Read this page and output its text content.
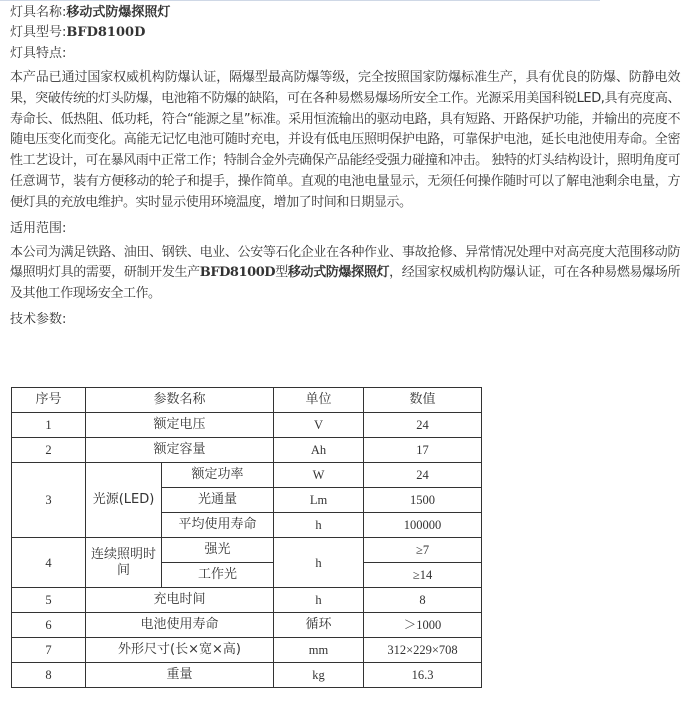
灯具名称:移动式防爆探照灯
灯具型号:BFD8100D
灯具特点:
本产品已通过国家权威机构防爆认证，隔爆型最高防爆等级，完全按照国家防爆标准生产，具有优良的防爆、防静电效果，突破传统的灯头防爆，电池箱不防爆的缺陷，可在各种易燃易爆场所安全工作。光源采用美国科锐LED,具有亮度高、寿命长、低热阻、低功耗，符合“能源之星”标准。采用恒流输出的驱动电路，具有短路、开路保护功能，并输出的亮度不随电压变化而变化。高能无记忆电池可随时充电，并设有低电压照明保护电路，可靠保护电池，延长电池使用寿命。全密性工艺设计，可在暴风雨中正常工作；特制合金外壳确保产品能经受强力碰撞和冲击。 独特的灯头结构设计，照明角度可任意调节，装有方便移动的轮子和提手，操作简单。直观的电池电量显示，无须任何操作随时可以了解电池剩余电量，方便灯具的充放电维护。实时显示使用环境温度，增加了时间和日期显示。
适用范围:
本公司为满足铁路、油田、钢铁、电业、公安等石化企业在各种作业、事故抢修、异常情况处理中对高亮度大范围移动防爆照明灯具的需要，研制开发生产BFD8100D型移动式防爆探照灯，经国家权威机构防爆认证，可在各种易燃易爆场所及其他工作现场安全工作。
技术参数:
序号	参数名称		单位	数值
1	额定电压		V	24
2	额定容量		Ah	17
3	光源(LED)	额定功率	W	24
		光通量	Lm	1500
		平均使用寿命	h	100000
4	连续照明时间	强光	h	≥7
		工作光		≥14
5	充电时间		h	8
6	电池使用寿命		循环	＞1000
7	外形尺寸(长×宽×高)		mm	312×229×708
8	重量		kg	16.3
